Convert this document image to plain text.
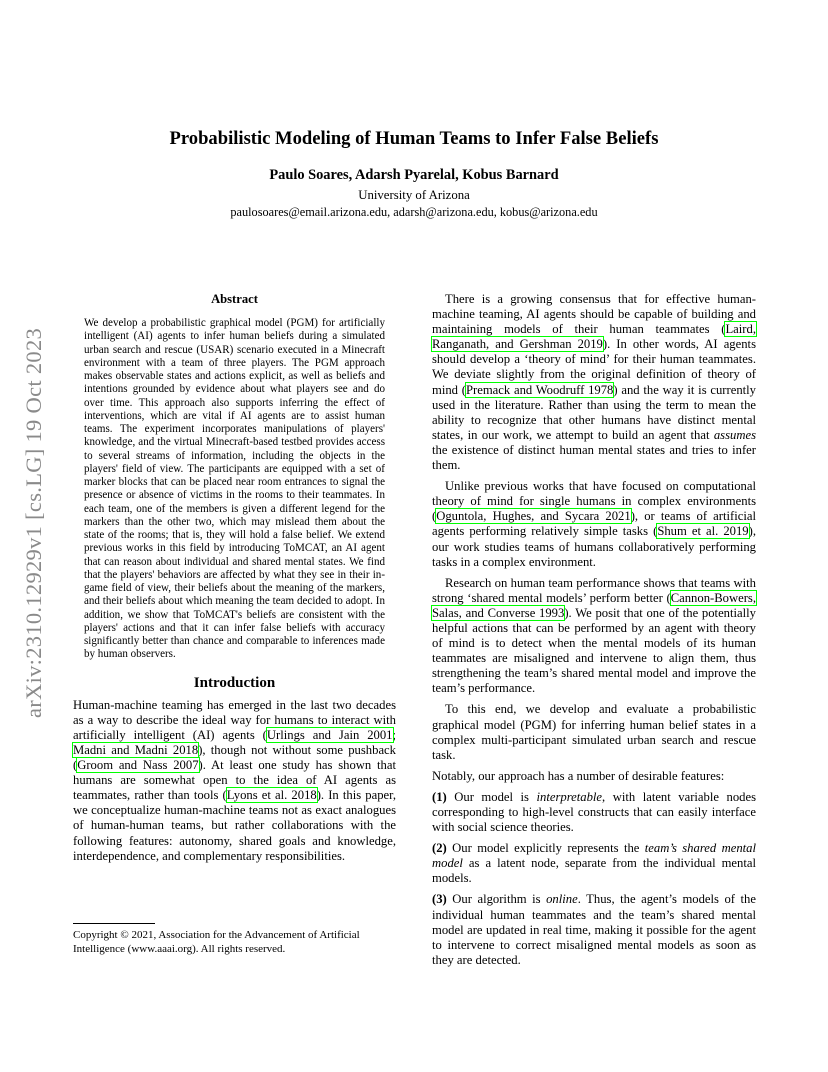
arXiv:2310.12929v1 [cs.LG] 19 Oct 2023
Probabilistic Modeling of Human Teams to Infer False Beliefs
Paulo Soares, Adarsh Pyarelal, Kobus Barnard
University of Arizona
paulosoares@email.arizona.edu, adarsh@arizona.edu, kobus@arizona.edu
Abstract

We develop a probabilistic graphical model (PGM) for artificially intelligent (AI) agents to infer human beliefs during a simulated urban search and rescue (USAR) scenario executed in a Minecraft environment with a team of three players. The PGM approach makes observable states and actions explicit, as well as beliefs and intentions grounded by evidence about what players see and do over time. This approach also supports inferring the effect of interventions, which are vital if AI agents are to assist human teams. The experiment incorporates manipulations of players' knowledge, and the virtual Minecraft-based testbed provides access to several streams of information, including the objects in the players' field of view. The participants are equipped with a set of marker blocks that can be placed near room entrances to signal the presence or absence of victims in the rooms to their teammates. In each team, one of the members is given a different legend for the markers than the other two, which may mislead them about the state of the rooms; that is, they will hold a false belief. We extend previous works in this field by introducing ToMCAT, an AI agent that can reason about individual and shared mental states. We find that the players' behaviors are affected by what they see in their in-game field of view, their beliefs about the meaning of the markers, and their beliefs about which meaning the team decided to adopt. In addition, we show that ToMCAT's beliefs are consistent with the players' actions and that it can infer false beliefs with accuracy significantly better than chance and comparable to inferences made by human observers.

Introduction

Human-machine teaming has emerged in the last two decades as a way to describe the ideal way for humans to interact with artificially intelligent (AI) agents (Urlings and Jain 2001; Madni and Madni 2018), though not without some pushback (Groom and Nass 2007). At least one study has shown that humans are somewhat open to the idea of AI agents as teammates, rather than tools (Lyons et al. 2018). In this paper, we conceptualize human-machine teams not as exact analogues of human-human teams, but rather collaborations with the following features: autonomy, shared goals and knowledge, interdependence, and complementary responsibilities.

Copyright © 2021, Association for the Advancement of Artificial Intelligence (www.aaai.org). All rights reserved.

There is a growing consensus that for effective human-machine teaming, AI agents should be capable of building and maintaining models of their human teammates (Laird, Ranganath, and Gershman 2019). In other words, AI agents should develop a ‘theory of mind’ for their human teammates. We deviate slightly from the original definition of theory of mind (Premack and Woodruff 1978) and the way it is currently used in the literature. Rather than using the term to mean the ability to recognize that other humans have distinct mental states, in our work, we attempt to build an agent that assumes the existence of distinct human mental states and tries to infer them.

Unlike previous works that have focused on computational theory of mind for single humans in complex environments (Oguntola, Hughes, and Sycara 2021), or teams of artificial agents performing relatively simple tasks (Shum et al. 2019), our work studies teams of humans collaboratively performing tasks in a complex environment.

Research on human team performance shows that teams with strong ‘shared mental models’ perform better (Cannon-Bowers, Salas, and Converse 1993). We posit that one of the potentially helpful actions that can be performed by an agent with theory of mind is to detect when the mental models of its human teammates are misaligned and intervene to align them, thus strengthening the team’s shared mental model and improve the team’s performance.

To this end, we develop and evaluate a probabilistic graphical model (PGM) for inferring human belief states in a complex multi-participant simulated urban search and rescue task.

Notably, our approach has a number of desirable features:

(1) Our model is interpretable, with latent variable nodes corresponding to high-level constructs that can easily interface with social science theories.

(2) Our model explicitly represents the team’s shared mental model as a latent node, separate from the individual mental models.

(3) Our algorithm is online. Thus, the agent’s models of the individual human teammates and the team’s shared mental model are updated in real time, making it possible for the agent to intervene to correct misaligned mental models as soon as they are detected.
